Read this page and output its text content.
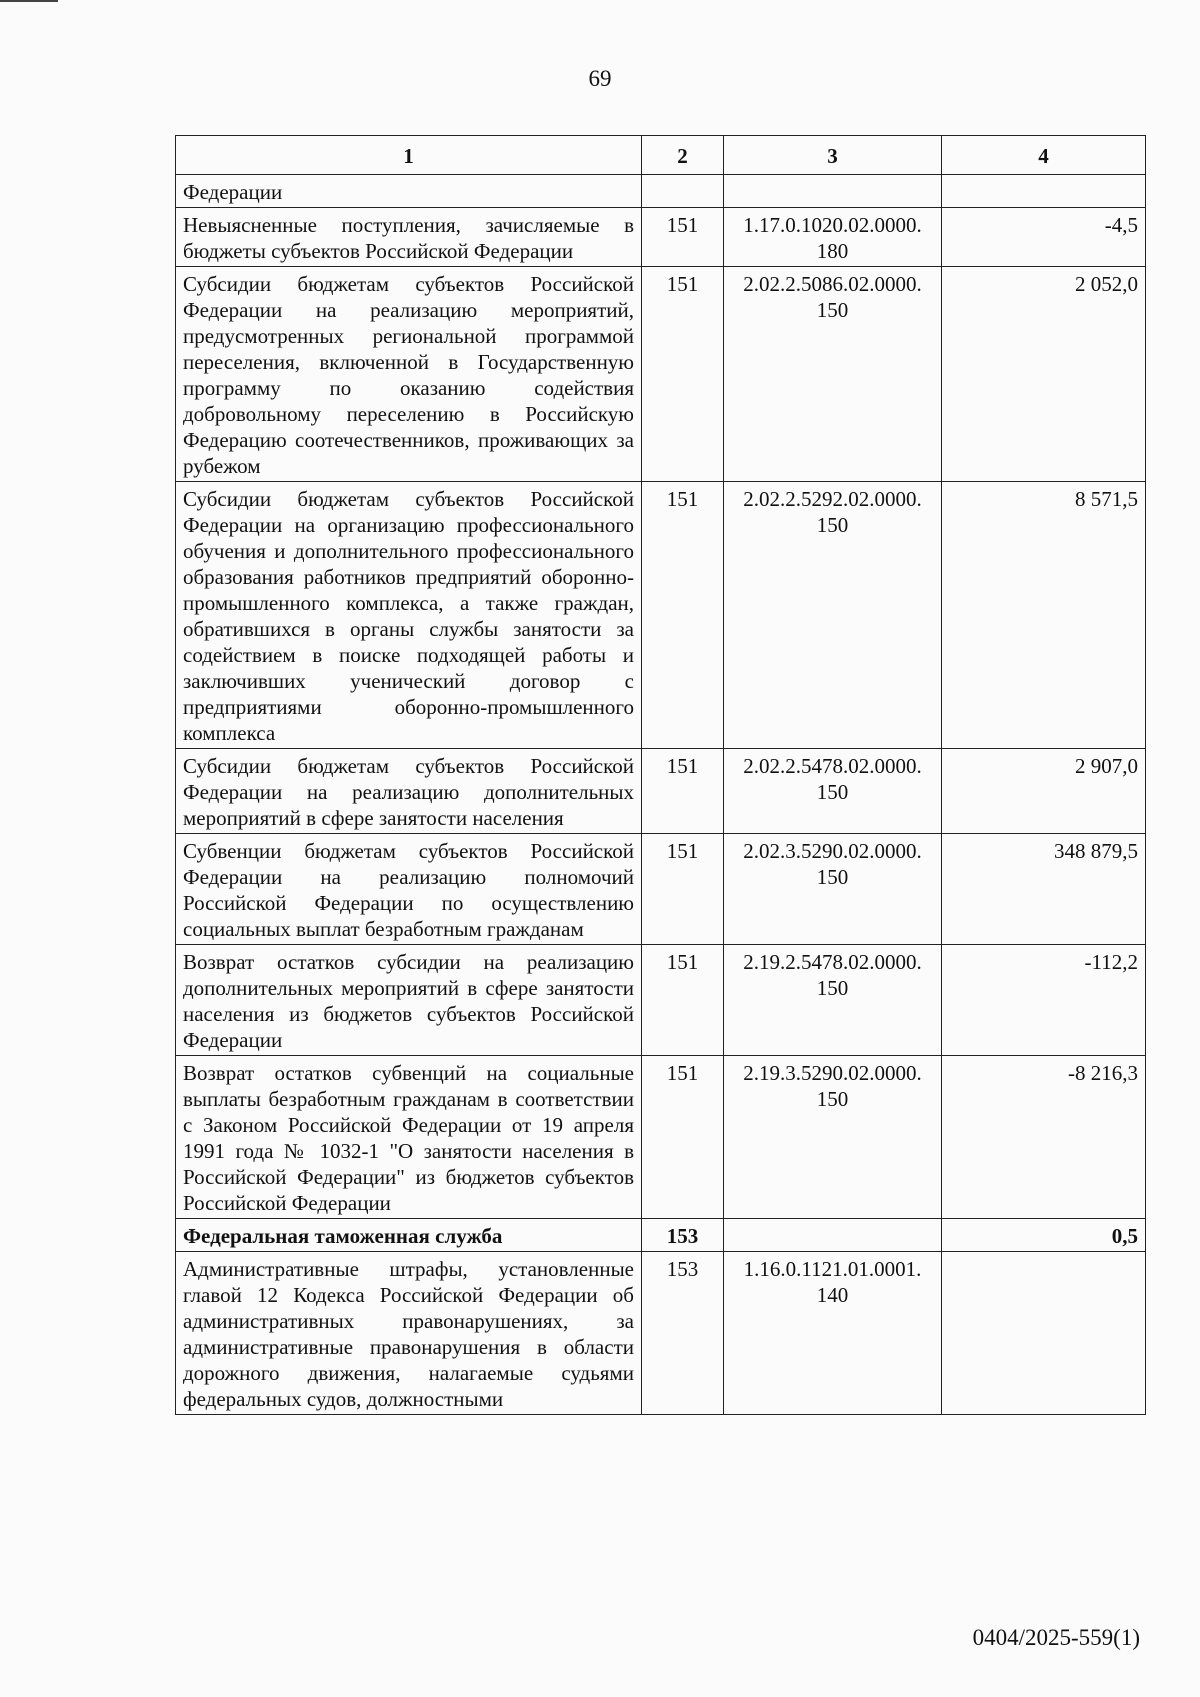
69
1	2	3	4
Федерации			
Невыясненные поступления, зачисляемые в бюджеты субъектов Российской Федерации	151	1.17.0.1020.02.0000. 180	-4,5
Субсидии бюджетам субъектов Российской Федерации на реализацию мероприятий, предусмотренных региональной программой переселения, включенной в Государственную программу по оказанию содействия добровольному переселению в Российскую Федерацию соотечественников, проживающих за рубежом	151	2.02.2.5086.02.0000. 150	2 052,0
Субсидии бюджетам субъектов Российской Федерации на организацию профессионального обучения и дополнительного профессионального образования работников предприятий оборонно-промышленного комплекса, а также граждан, обратившихся в органы службы занятости за содействием в поиске подходящей работы и заключивших ученический договор с предприятиями оборонно-промышленного комплекса	151	2.02.2.5292.02.0000. 150	8 571,5
Субсидии бюджетам субъектов Российской Федерации на реализацию дополнительных мероприятий в сфере занятости населения	151	2.02.2.5478.02.0000. 150	2 907,0
Субвенции бюджетам субъектов Российской Федерации на реализацию полномочий Российской Федерации по осуществлению социальных выплат безработным гражданам	151	2.02.3.5290.02.0000. 150	348 879,5
Возврат остатков субсидии на реализацию дополнительных мероприятий в сфере занятости населения из бюджетов субъектов Российской Федерации	151	2.19.2.5478.02.0000. 150	-112,2
Возврат остатков субвенций на социальные выплаты безработным гражданам в соответствии с Законом Российской Федерации от 19 апреля 1991 года № 1032-1 "О занятости населения в Российской Федерации" из бюджетов субъектов Российской Федерации	151	2.19.3.5290.02.0000. 150	-8 216,3
Федеральная таможенная служба	153		0,5
Административные штрафы, установленные главой 12 Кодекса Российской Федерации об административных правонарушениях, за административные правонарушения в области дорожного движения, налагаемые судьями федеральных судов, должностными	153	1.16.0.1121.01.0001. 140	
0404/2025-559(1)
